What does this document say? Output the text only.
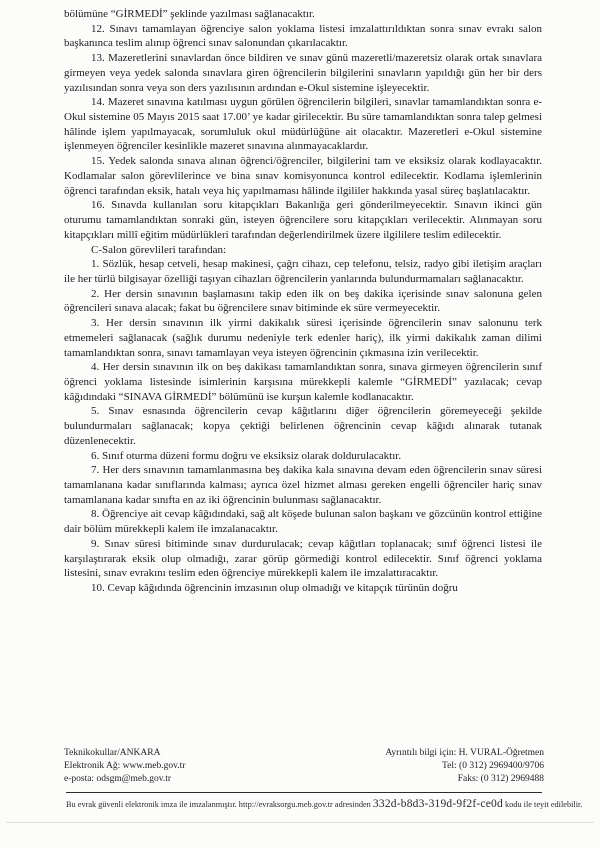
bölümüne “GİRMEDİ” şeklinde yazılması sağlanacaktır.

12. Sınavı tamamlayan öğrenciye salon yoklama listesi imzalattırıldıktan sonra sınav evrakı salon başkanınca teslim alınıp öğrenci sınav salonundan çıkarılacaktır.

13. Mazeretlerini sınavlardan önce bildiren ve sınav günü mazeretli/mazeretsiz olarak ortak sınavlara girmeyen veya yedek salonda sınavlara giren öğrencilerin bilgilerini sınavların yapıldığı gün her bir ders yazılısından sonra veya son ders yazılısının ardından e-Okul sistemine işleyecektir.

14. Mazeret sınavına katılması uygun görülen öğrencilerin bilgileri, sınavlar tamamlandıktan sonra e-Okul sistemine 05 Mayıs 2015 saat 17.00’ ye kadar girilecektir. Bu süre tamamlandıktan sonra talep gelmesi hâlinde işlem yapılmayacak, sorumluluk okul müdürlüğüne ait olacaktır. Mazeretleri e-Okul sistemine işlenmeyen öğrenciler kesinlikle mazeret sınavına alınmayacaklardır.

15. Yedek salonda sınava alınan öğrenci/öğrenciler, bilgilerini tam ve eksiksiz olarak kodlayacaktır. Kodlamalar salon görevlilerince ve bina sınav komisyonunca kontrol edilecektir. Kodlama işlemlerinin öğrenci tarafından eksik, hatalı veya hiç yapılmaması hâlinde ilgililer hakkında yasal süreç başlatılacaktır.

16. Sınavda kullanılan soru kitapçıkları Bakanlığa geri gönderilmeyecektir. Sınavın ikinci gün oturumu tamamlandıktan sonraki gün, isteyen öğrencilere soru kitapçıkları verilecektir. Alınmayan soru kitapçıkları millî eğitim müdürlükleri tarafından değerlendirilmek üzere ilgililere teslim edilecektir.

C-Salon görevlileri tarafından:

1. Sözlük, hesap cetveli, hesap makinesi, çağrı cihazı, cep telefonu, telsiz, radyo gibi iletişim araçları ile her türlü bilgisayar özelliği taşıyan cihazları öğrencilerin yanlarında bulundurmamaları sağlanacaktır.

2. Her dersin sınavının başlamasını takip eden ilk on beş dakika içerisinde sınav salonuna gelen öğrencileri sınava alacak; fakat bu öğrencilere sınav bitiminde ek süre vermeyecektir.

3. Her dersin sınavının ilk yirmi dakikalık süresi içerisinde öğrencilerin sınav salonunu terk etmemeleri sağlanacak (sağlık durumu nedeniyle terk edenler hariç), ilk yirmi dakikalık zaman dilimi tamamlandıktan sonra, sınavı tamamlayan veya isteyen öğrencinin çıkmasına izin verilecektir.

4. Her dersin sınavının ilk on beş dakikası tamamlandıktan sonra, sınava girmeyen öğrencilerin sınıf öğrenci yoklama listesinde isimlerinin karşısına mürekkepli kalemle “GİRMEDİ” yazılacak; cevap kâğıdındaki “SINAVA GİRMEDİ” bölümünü ise kurşun kalemle kodlanacaktır.

5. Sınav esnasında öğrencilerin cevap kâğıtlarını diğer öğrencilerin göremeyeceği şekilde bulundurmaları sağlanacak; kopya çektiği belirlenen öğrencinin cevap kâğıdı alınarak tutanak düzenlenecektir.

6. Sınıf oturma düzeni formu doğru ve eksiksiz olarak doldurulacaktır.

7. Her ders sınavının tamamlanmasına beş dakika kala sınavına devam eden öğrencilerin sınav süresi tamamlanana kadar sınıflarında kalması; ayrıca özel hizmet alması gereken engelli öğrenciler hariç sınav tamamlanana kadar sınıfta en az iki öğrencinin bulunması sağlanacaktır.

8. Öğrenciye ait cevap kâğıdındaki, sağ alt köşede bulunan salon başkanı ve gözcünün kontrol ettiğine dair bölüm mürekkepli kalem ile imzalanacaktır.

9. Sınav süresi bitiminde sınav durdurulacak; cevap kâğıtları toplanacak; sınıf öğrenci listesi ile karşılaştırarak eksik olup olmadığı, zarar görüp görmediği kontrol edilecektir. Sınıf öğrenci yoklama listesini, sınav evrakını teslim eden öğrenciye mürekkepli kalem ile imzalattıracaktır.

10. Cevap kâğıdında öğrencinin imzasının olup olmadığı ve kitapçık türünün doğru

Teknikokullar/ANKARA
Elektronik Ağ: www.meb.gov.tr
e-posta: odsgm@meb.gov.tr
Ayrıntılı bilgi için: H. VURAL-Öğretmen
Tel: (0 312) 2969400/9706
Faks: (0 312) 2969488
Bu evrak güvenli elektronik imza ile imzalanmıştır. http://evraksorgu.meb.gov.tr adresinden 332d-b8d3-319d-9f2f-ce0d kodu ile teyit edilebilir.
